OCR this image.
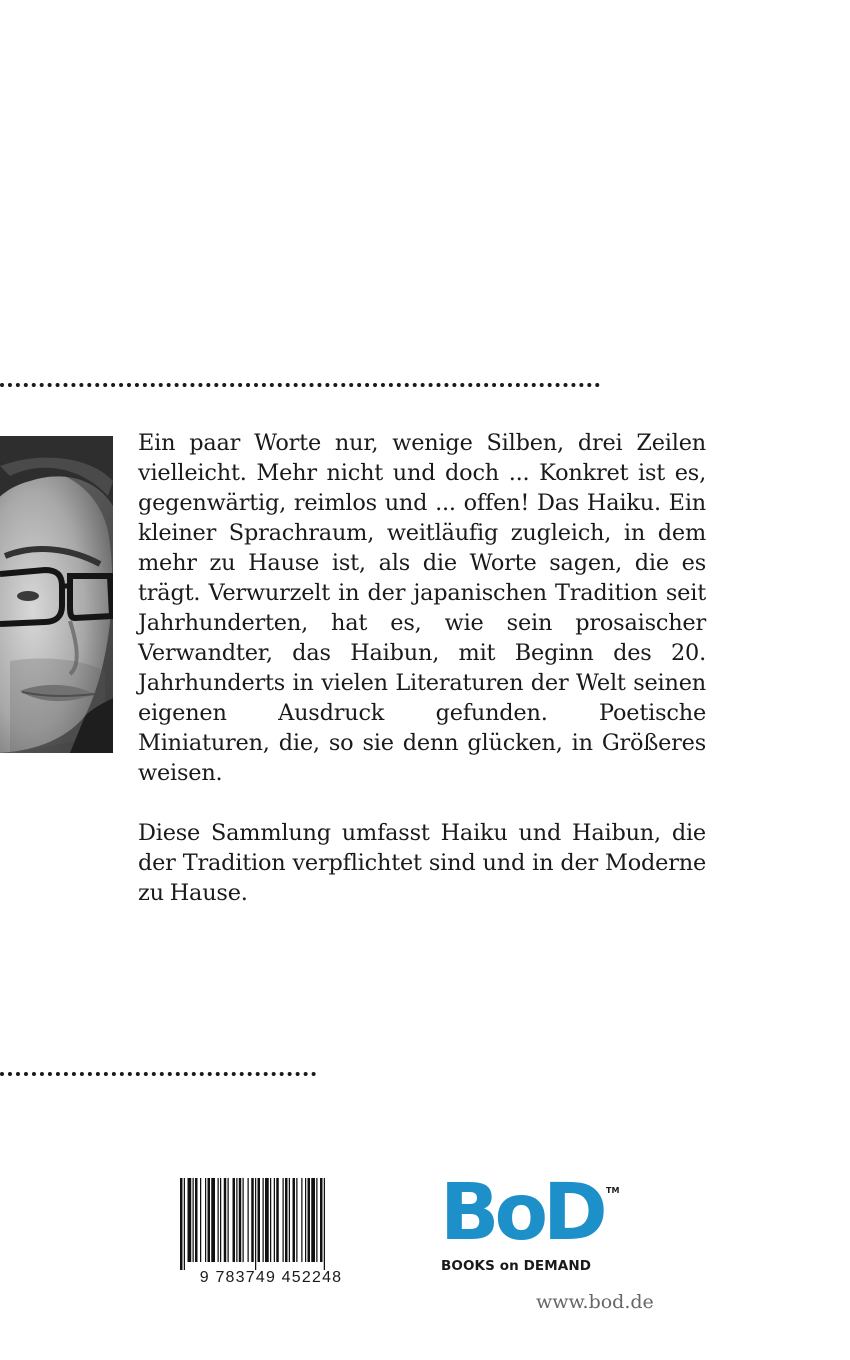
Ein paar Worte nur, wenige Silben, drei Zeilen vielleicht. Mehr nicht und doch ... Konkret ist es, gegenwärtig, reimlos und ... offen! Das Haiku. Ein kleiner Sprachraum, weitläufig zugleich, in dem mehr zu Hause ist, als die Worte sagen, die es trägt. Verwurzelt in der japanischen Tradition seit Jahrhunderten, hat es, wie sein prosaischer Verwandter, das Haibun, mit Beginn des 20. Jahrhunderts in vielen Literaturen der Welt seinen eigenen Ausdruck gefunden. Poetische Miniaturen, die, so sie denn glücken, in Größeres weisen.

Diese Sammlung umfasst Haiku und Haibun, die der Tradition verpflichtet sind und in der Moderne zu Hause.

9 783749 452248
BoD TM
BOOKS on DEMAND
www.bod.de
